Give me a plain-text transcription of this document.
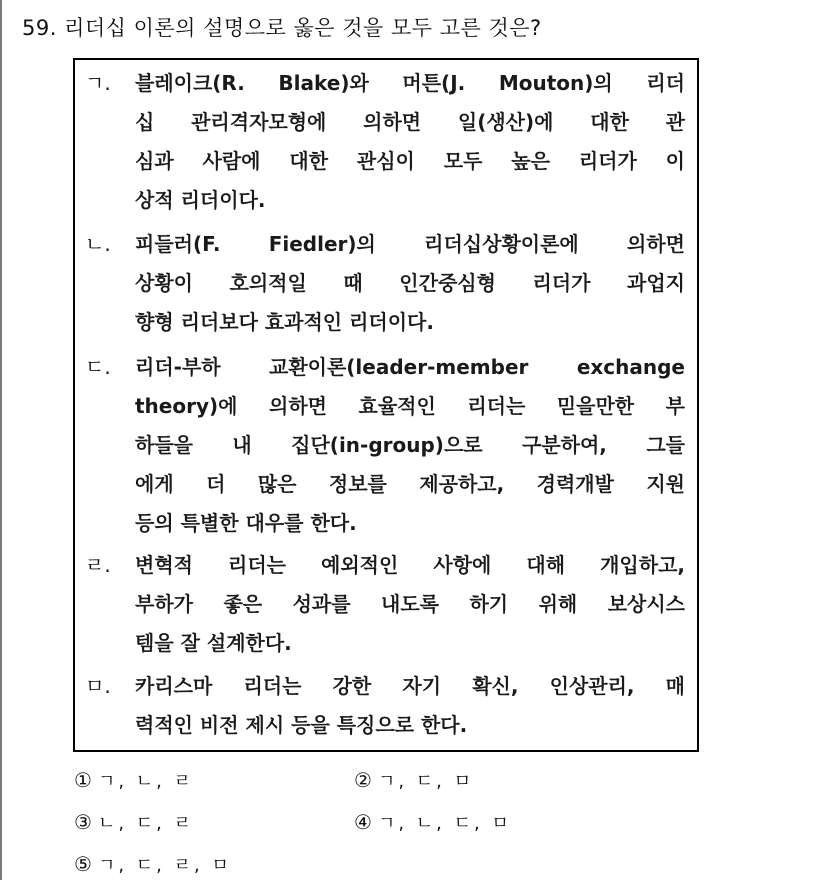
59. 리더십 이론의 설명으로 옳은 것을 모두 고른 것은?
ㄱ.	블레이크(R. Blake)와 머튼(J. Mouton)의 리더
십 관리격자모형에 의하면 일(생산)에 대한 관
심과 사람에 대한 관심이 모두 높은 리더가 이
상적 리더이다.
ㄴ.	피들러(F. Fiedler)의 리더십상황이론에 의하면
상황이 호의적일 때 인간중심형 리더가 과업지
향형 리더보다 효과적인 리더이다.
ㄷ.	리더-부하 교환이론(leader-member exchange
theory)에 의하면 효율적인 리더는 믿을만한 부
하들을 내 집단(in-group)으로 구분하여, 그들
에게 더 많은 정보를 제공하고, 경력개발 지원
등의 특별한 대우를 한다.
ㄹ.	변혁적 리더는 예외적인 사항에 대해 개입하고,
부하가 좋은 성과를 내도록 하기 위해 보상시스
템을 잘 설계한다.
ㅁ.	카리스마 리더는 강한 자기 확신, 인상관리, 매
력적인 비전 제시 등을 특징으로 한다.
① ㄱ, ㄴ, ㄹ	② ㄱ, ㄷ, ㅁ
③ ㄴ, ㄷ, ㄹ	④ ㄱ, ㄴ, ㄷ, ㅁ
⑤ ㄱ, ㄷ, ㄹ, ㅁ
